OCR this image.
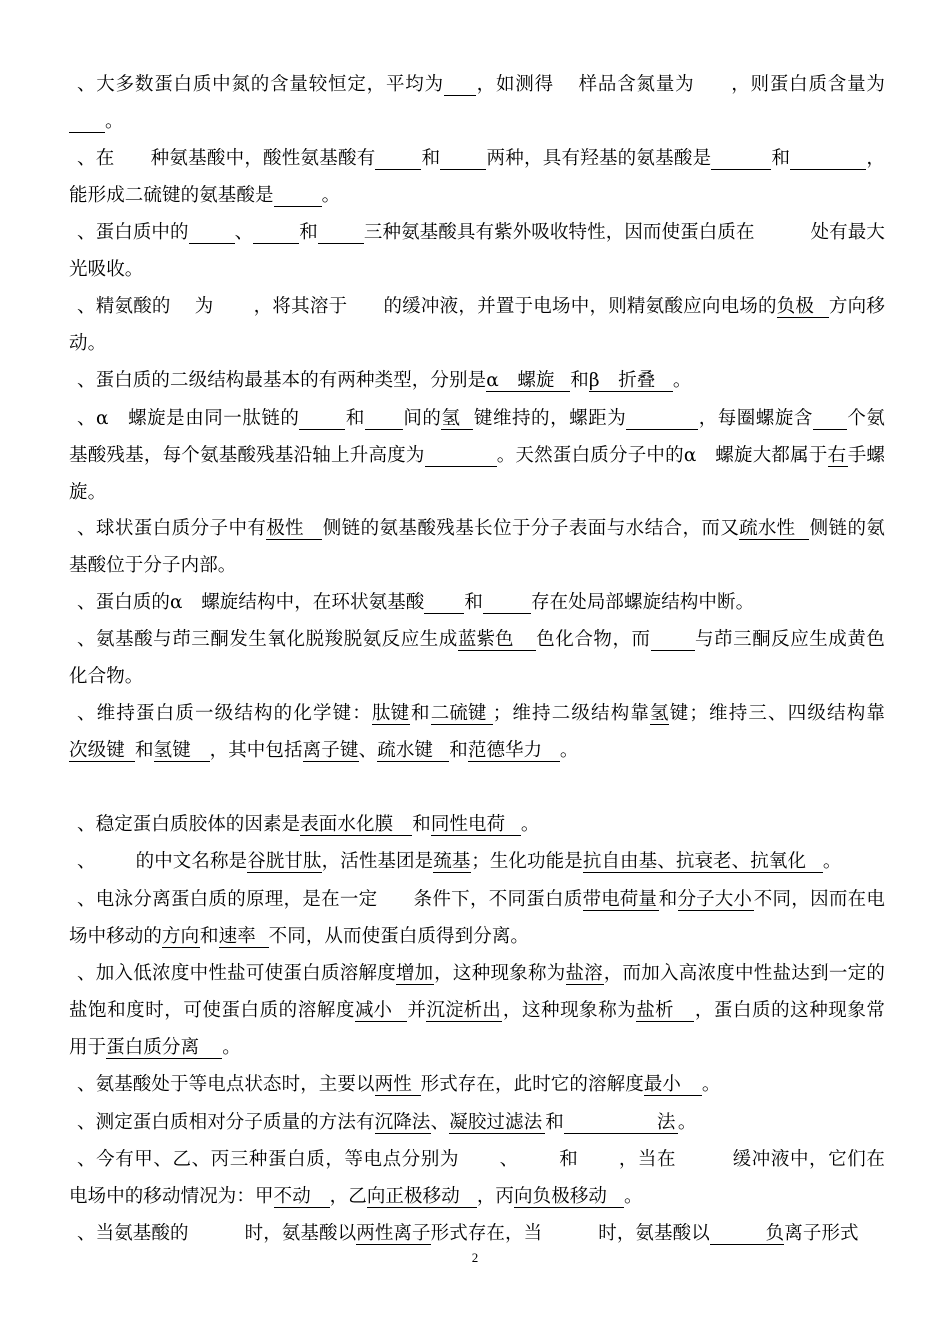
、大多数蛋白质中氮的含量较恒定，平均为 ，如测得 样品含氮量为 ，则蛋白质含量为。

、在 种氨基酸中，酸性氨基酸有 和 两种，具有羟基的氨基酸是	和	，能形成二硫键的氨基酸是	。

、蛋白质中的 、 和 三种氨基酸具有紫外吸收特性，因而使蛋白质在	处有最大光吸收。

、精氨酸的 为 ，将其溶于 的缓冲液，并置于电场中，则精氨酸应向电场的负极 方向移动。

、蛋白质的二级结构最基本的有两种类型，分别是α　螺旋 和β　折叠 。

、α　螺旋是由同一肽链的 和 间的氢 键维持的，螺距为	，每圈螺旋含 个氨基酸残基，每个氨基酸残基沿轴上升高度为	。天然蛋白质分子中的α　螺旋大都属于右手螺旋。

、球状蛋白质分子中有极性 侧链的氨基酸残基长位于分子表面与水结合，而又疏水性 侧链的氨基酸位于分子内部。

、蛋白质的α　螺旋结构中，在环状氨基酸 和	存在处局部螺旋结构中断。

、氨基酸与茚三酮发生氧化脱羧脱氨反应生成蓝紫色 色化合物，而 与茚三酮反应生成黄色化合物。

、维持蛋白质一级结构的化学键：肽键和二硫键 ；维持二级结构靠氢键；维持三、四级结构靠次级键 和氢键 ，其中包括离子键、疏水键 和范德华力 。

、稳定蛋白质胶体的因素是表面水化膜 和同性电荷 。

、 的中文名称是谷胱甘肽，活性基团是巯基；生化功能是抗自由基、抗衰老、抗氧化 。

、电泳分离蛋白质的原理，是在一定 条件下，不同蛋白质带电荷量和分子大小不同，因而在电场中移动的方向和速率 不同，从而使蛋白质得到分离。

、加入低浓度中性盐可使蛋白质溶解度增加，这种现象称为盐溶，而加入高浓度中性盐达到一定的盐饱和度时，可使蛋白质的溶解度减小 并沉淀析出，这种现象称为盐析 ，蛋白质的这种现象常用于蛋白质分离 。

、氨基酸处于等电点状态时，主要以两性 形式存在，此时它的溶解度最小 。

、测定蛋白质相对分子质量的方法有沉降法、凝胶过滤法 和　　　　　法 。

、今有甲、乙、丙三种蛋白质，等电点分别为 、 和 ，当在	缓冲液中，它们在电场中的移动情况为：甲不动 ，乙向正极移动 ，丙向负极移动 。

、当氨基酸的	时，氨基酸以两性离子形式存在，当	时，氨基酸以　　　负离子形式

2
